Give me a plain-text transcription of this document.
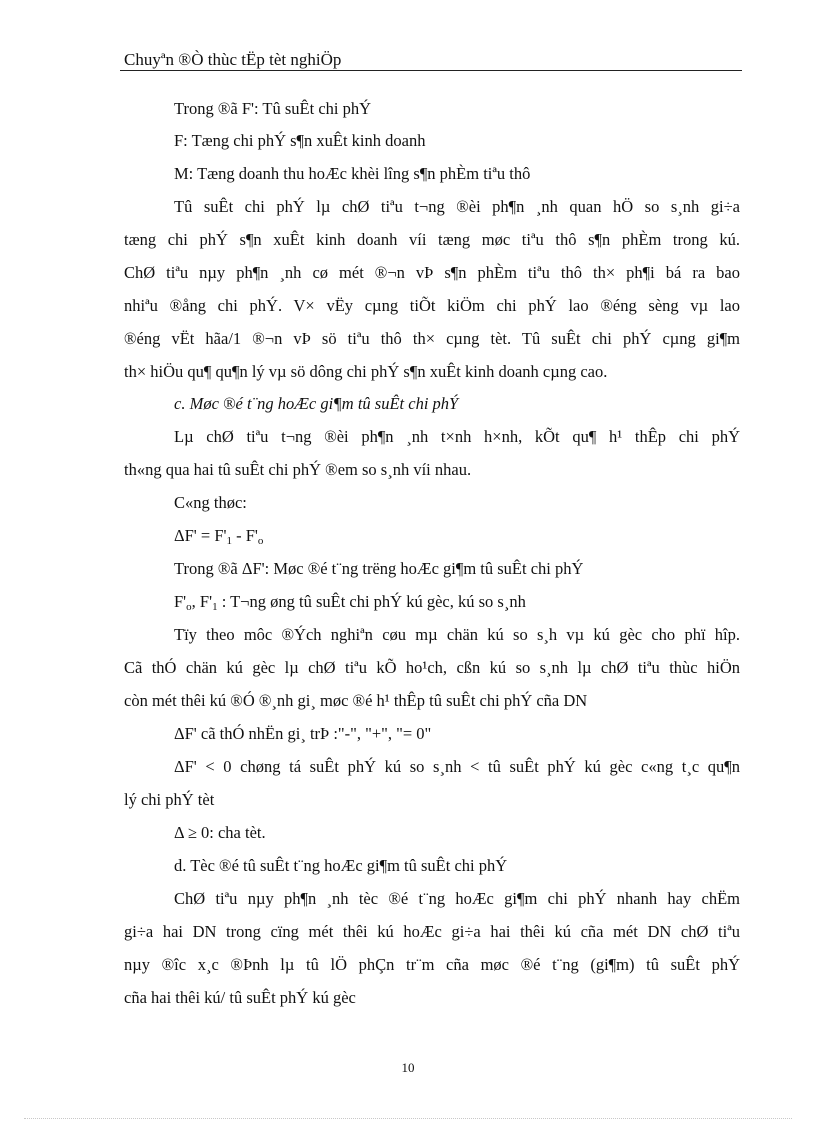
Chuyªn ®Ò thùc tËp tèt nghiÖp
Trong ®ã F': Tû suÊt chi phÝ
F: Tæng chi phÝ s¶n xuÊt kinh doanh
M: Tæng doanh thu hoÆc khèi lîng s¶n phÈm tiªu thô
Tû suÊt chi phÝ lµ chØ tiªu t¬ng ®èi ph¶n ¸nh quan hÖ so s¸nh gi÷a
tæng chi phÝ s¶n xuÊt kinh doanh víi tæng møc tiªu thô s¶n phÈm trong kú.
ChØ tiªu nµy ph¶n ¸nh cø mét ®¬n vÞ s¶n phÈm tiªu thô th× ph¶i bá ra bao
nhiªu ®ång chi phÝ. V× vËy cµng tiÕt kiÖm chi phÝ lao ®éng sèng vµ lao
®éng vËt hãa/1 ®¬n vÞ sö tiªu thô th× cµng tèt. Tû suÊt chi phÝ cµng gi¶m
th× hiÖu qu¶ qu¶n lý vµ sö dông chi phÝ s¶n xuÊt kinh doanh cµng cao.
c. Møc ®é t¨ng hoÆc gi¶m tû suÊt chi phÝ
Lµ chØ tiªu t¬ng ®èi ph¶n ¸nh t×nh h×nh, kÕt qu¶ h¹ thÊp chi phÝ
th«ng qua hai tû suÊt chi phÝ ®em so s¸nh víi nhau.
C«ng thøc:
$\Delta F' = F'_1 - F'_o$
Trong ®ã ΔF': Møc ®é t¨ng trëng hoÆc gi¶m tû suÊt chi phÝ
$F'_o$, $F'_1$ : T¬ng øng tû suÊt chi phÝ kú gèc, kú so s¸nh
Tïy theo môc ®Ých nghiªn cøu mµ chän kú so s¸h vµ kú gèc cho phï hîp.
Cã thÓ chän kú gèc lµ chØ tiªu kÕ ho¹ch, cßn kú so s¸nh lµ chØ tiªu thùc hiÖn
còn mét thêi kú ®Ó ®¸nh gi¸ møc ®é h¹ thÊp tû suÊt chi phÝ cña DN
ΔF' cã thÓ nhËn gi¸ trÞ :"-", "+", "= 0"
ΔF' < 0 chøng tá suÊt phÝ kú so s¸nh < tû suÊt phÝ kú gèc c«ng t¸c qu¶n
lý chi phÝ tèt
Δ ≥ 0: cha tèt.
d. Tèc ®é tû suÊt t¨ng hoÆc gi¶m tû suÊt chi phÝ
ChØ tiªu nµy ph¶n ¸nh tèc ®é t¨ng hoÆc gi¶m chi phÝ nhanh hay chËm
gi÷a hai DN trong cïng mét thêi kú hoÆc gi÷a hai thêi kú cña mét DN chØ tiªu
nµy ®îc x¸c ®Þnh lµ tû lÖ phÇn tr¨m cña møc ®é t¨ng (gi¶m) tû suÊt phÝ
cña hai thêi kú/ tû suÊt phÝ kú gèc
10
